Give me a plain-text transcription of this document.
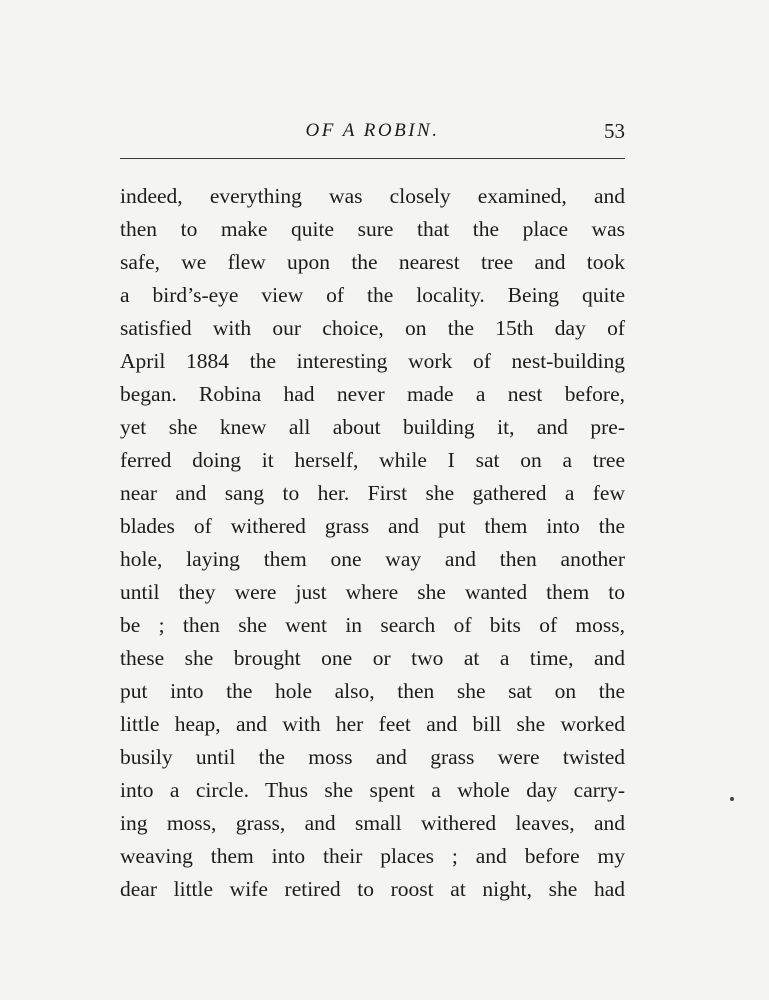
OF A ROBIN.	53
indeed, everything was closely examined, and
then to make quite sure that the place was
safe, we flew upon the nearest tree and took
a bird’s-eye view of the locality. Being quite
satisfied with our choice, on the 15th day of
April 1884 the interesting work of nest-building
began. Robina had never made a nest before,
yet she knew all about building it, and pre-
ferred doing it herself, while I sat on a tree
near and sang to her. First she gathered a few
blades of withered grass and put them into the
hole, laying them one way and then another
until they were just where she wanted them to
be ; then she went in search of bits of moss,
these she brought one or two at a time, and
put into the hole also, then she sat on the
little heap, and with her feet and bill she worked
busily until the moss and grass were twisted
into a circle. Thus she spent a whole day carry-
ing moss, grass, and small withered leaves, and
weaving them into their places ; and before my
dear little wife retired to roost at night, she had
